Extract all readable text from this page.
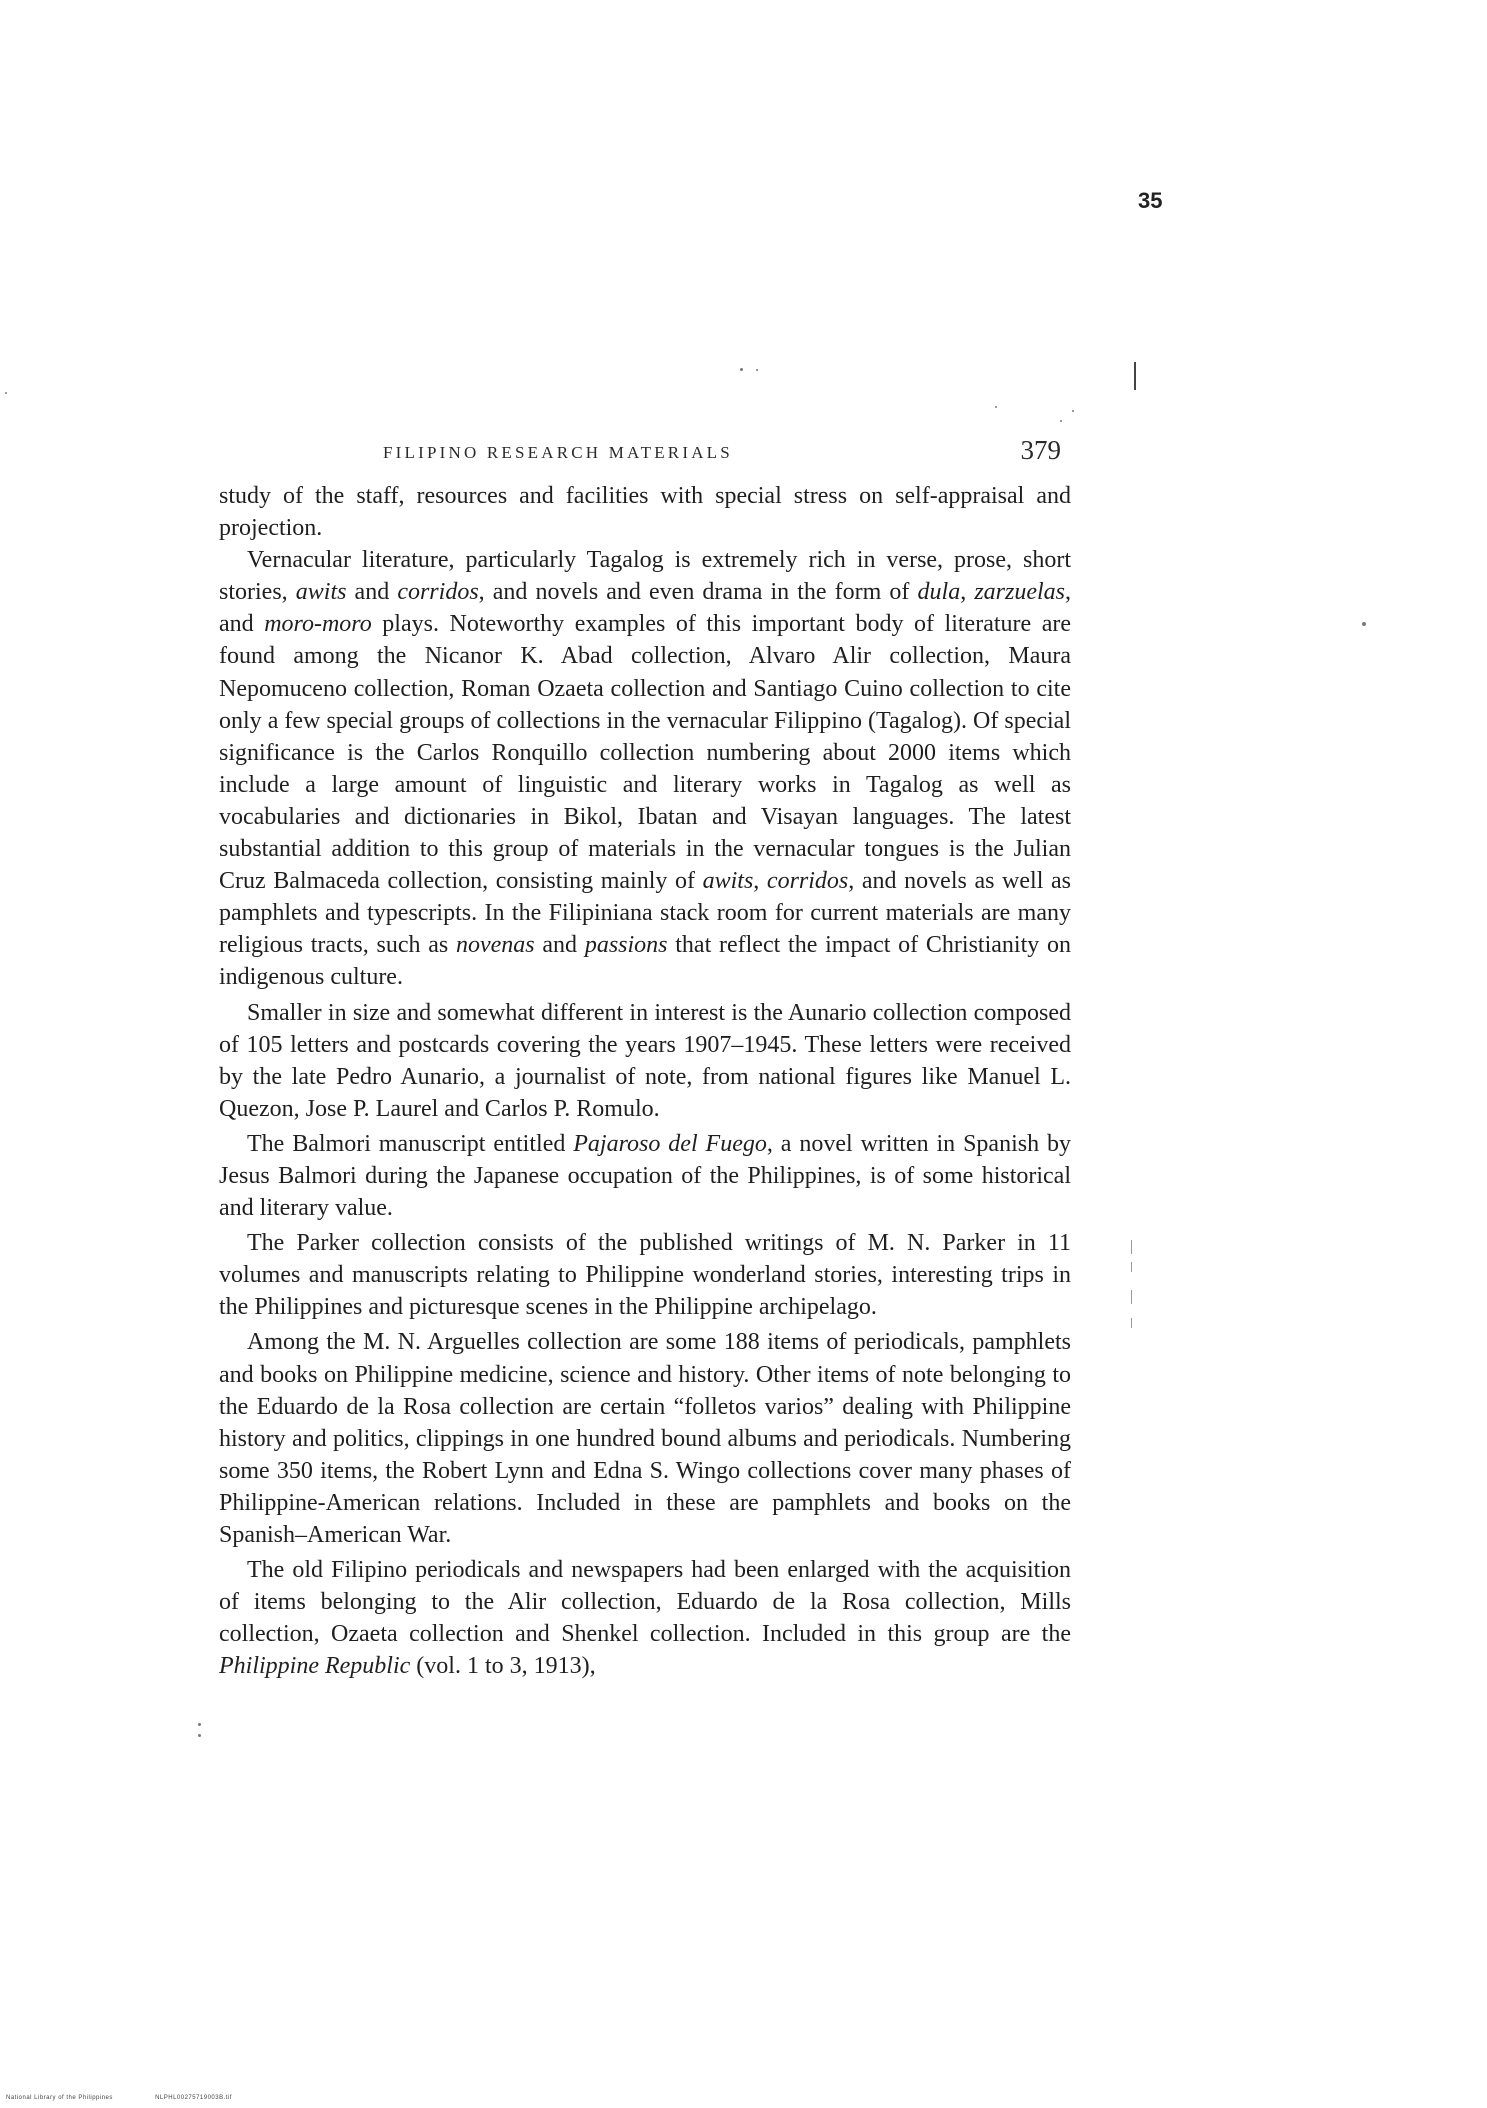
35
FILIPINO RESEARCH MATERIALS	379

study of the staff, resources and facilities with special stress on self-appraisal and projection.

Vernacular literature, particularly Tagalog is extremely rich in verse, prose, short stories, awits and corridos, and novels and even drama in the form of dula, zarzuelas, and moro-moro plays. Noteworthy examples of this important body of literature are found among the Nicanor K. Abad collection, Alvaro Alir collection, Maura Nepomuceno collection, Roman Ozaeta collection and Santiago Cuino collection to cite only a few special groups of collections in the vernacular Filippino (Tagalog). Of special significance is the Carlos Ronquillo collection numbering about 2000 items which include a large amount of linguistic and literary works in Tagalog as well as vocabularies and dictionaries in Bikol, Ibatan and Visayan languages. The latest substantial addition to this group of materials in the vernacular tongues is the Julian Cruz Balmaceda collection, consisting mainly of awits, corridos, and novels as well as pamphlets and typescripts. In the Filipiniana stack room for current materials are many religious tracts, such as novenas and passions that reflect the impact of Christianity on indigenous culture.

Smaller in size and somewhat different in interest is the Aunario collection composed of 105 letters and postcards covering the years 1907–1945. These letters were received by the late Pedro Aunario, a journalist of note, from national figures like Manuel L. Quezon, Jose P. Laurel and Carlos P. Romulo.

The Balmori manuscript entitled Pajaroso del Fuego, a novel written in Spanish by Jesus Balmori during the Japanese occupation of the Philippines, is of some historical and literary value.

The Parker collection consists of the published writings of M. N. Parker in 11 volumes and manuscripts relating to Philippine wonderland stories, interesting trips in the Philippines and picturesque scenes in the Philippine archipelago.

Among the M. N. Arguelles collection are some 188 items of periodicals, pamphlets and books on Philippine medicine, science and history. Other items of note belonging to the Eduardo de la Rosa collection are certain “folletos varios” dealing with Philippine history and politics, clippings in one hundred bound albums and periodicals. Numbering some 350 items, the Robert Lynn and Edna S. Wingo collections cover many phases of Philippine-American relations. Included in these are pamphlets and books on the Spanish–American War.

The old Filipino periodicals and newspapers had been enlarged with the acquisition of items belonging to the Alir collection, Eduardo de la Rosa collection, Mills collection, Ozaeta collection and Shenkel collection. Included in this group are the Philippine Republic (vol. 1 to 3, 1913),

National Library of the Philippines	NLPHL00275719003B.tif
